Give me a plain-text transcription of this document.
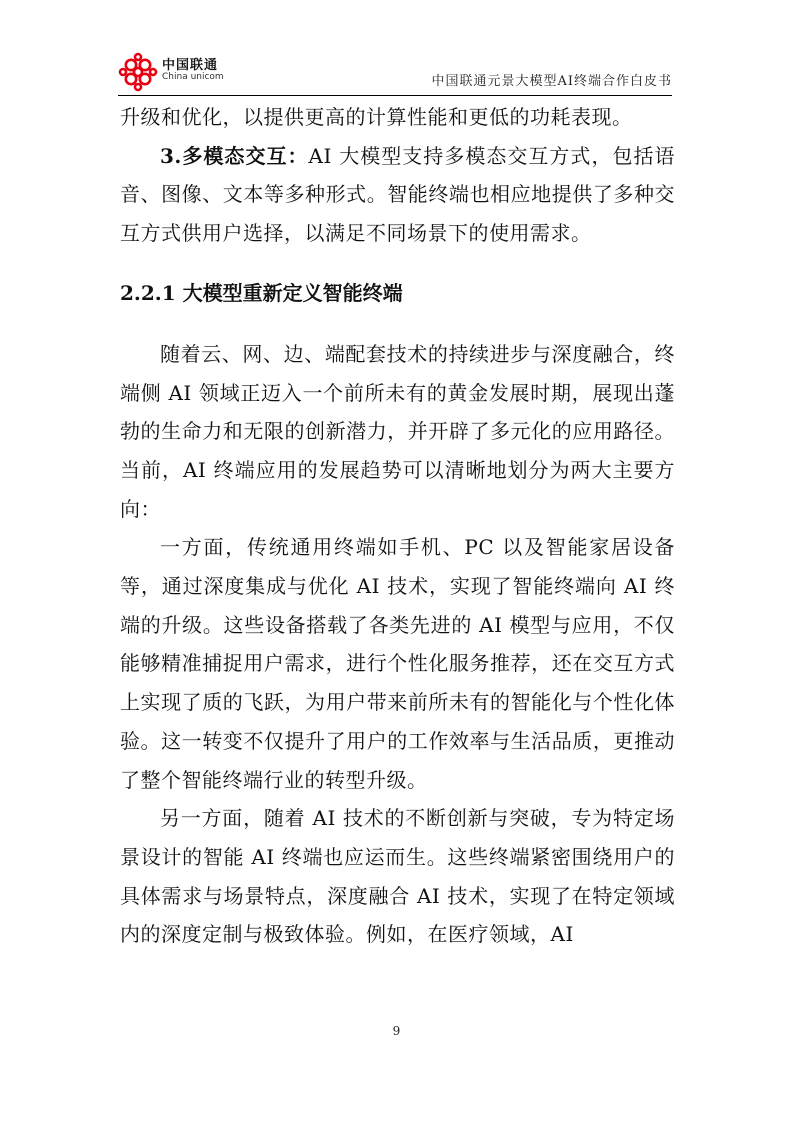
中国联通
China unicom	中国联通元景大模型AI终端合作白皮书

升级和优化，以提供更高的计算性能和更低的功耗表现。

3.多模态交互：AI 大模型支持多模态交互方式，包括语音、图像、文本等多种形式。智能终端也相应地提供了多种交互方式供用户选择，以满足不同场景下的使用需求。

2.2.1 大模型重新定义智能终端

随着云、网、边、端配套技术的持续进步与深度融合，终端侧 AI 领域正迈入一个前所未有的黄金发展时期，展现出蓬勃的生命力和无限的创新潜力，并开辟了多元化的应用路径。当前，AI 终端应用的发展趋势可以清晰地划分为两大主要方向：

一方面，传统通用终端如手机、PC 以及智能家居设备等，通过深度集成与优化 AI 技术，实现了智能终端向 AI 终端的升级。这些设备搭载了各类先进的 AI 模型与应用，不仅能够精准捕捉用户需求，进行个性化服务推荐，还在交互方式上实现了质的飞跃，为用户带来前所未有的智能化与个性化体验。这一转变不仅提升了用户的工作效率与生活品质，更推动了整个智能终端行业的转型升级。

另一方面，随着 AI 技术的不断创新与突破，专为特定场景设计的智能 AI 终端也应运而生。这些终端紧密围绕用户的具体需求与场景特点，深度融合 AI 技术，实现了在特定领域内的深度定制与极致体验。例如，在医疗领域，AI

9
